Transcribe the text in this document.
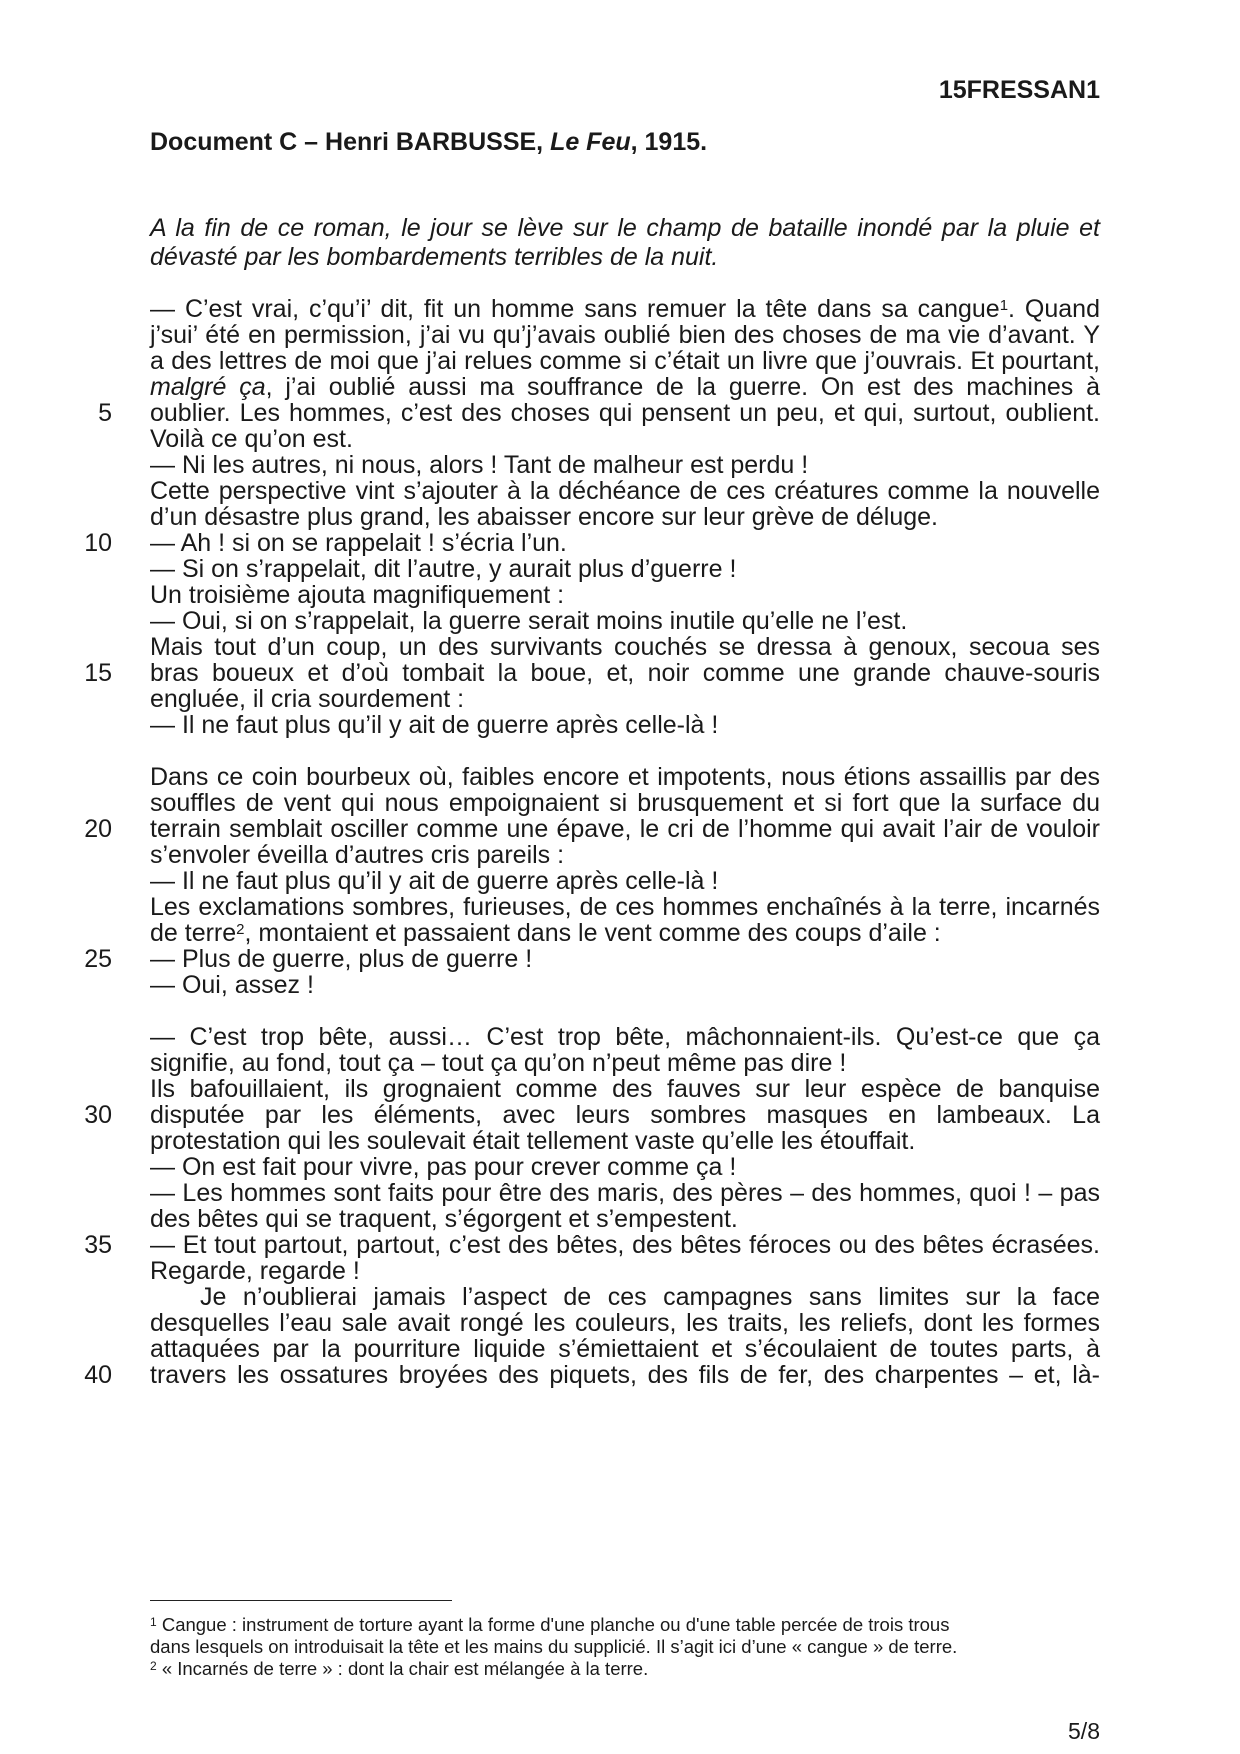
15FRESSAN1
Document C – Henri BARBUSSE, Le Feu, 1915.
A la fin de ce roman, le jour se lève sur le champ de bataille inondé par la pluie et dévasté par les bombardements terribles de la nuit.
— C’est vrai, c’qu’i’ dit, fit un homme sans remuer la tête dans sa cangue$^1$. Quand
j’sui’ été en permission, j’ai vu qu’j’avais oublié bien des choses de ma vie d’avant. Y
a des lettres de moi que j’ai relues comme si c’était un livre que j’ouvrais. Et pourtant,
malgré ça, j’ai oublié aussi ma souffrance de la guerre. On est des machines à
oublier. Les hommes, c’est des choses qui pensent un peu, et qui, surtout, oublient.
Voilà ce qu’on est.
— Ni les autres, ni nous, alors ! Tant de malheur est perdu !
Cette perspective vint s’ajouter à la déchéance de ces créatures comme la nouvelle
d’un désastre plus grand, les abaisser encore sur leur grève de déluge.
— Ah ! si on se rappelait ! s’écria l’un.
— Si on s’rappelait, dit l’autre, y aurait plus d’guerre !
Un troisième ajouta magnifiquement :
— Oui, si on s’rappelait, la guerre serait moins inutile qu’elle ne l’est.
Mais tout d’un coup, un des survivants couchés se dressa à genoux, secoua ses
bras boueux et d’où tombait la boue, et, noir comme une grande chauve-souris
engluée, il cria sourdement :
— Il ne faut plus qu’il y ait de guerre après celle-là !
Dans ce coin bourbeux où, faibles encore et impotents, nous étions assaillis par des
souffles de vent qui nous empoignaient si brusquement et si fort que la surface du
terrain semblait osciller comme une épave, le cri de l’homme qui avait l’air de vouloir
s’envoler éveilla d’autres cris pareils :
— Il ne faut plus qu’il y ait de guerre après celle-là !
Les exclamations sombres, furieuses, de ces hommes enchaînés à la terre, incarnés
de terre$^2$, montaient et passaient dans le vent comme des coups d’aile :
— Plus de guerre, plus de guerre !
— Oui, assez !
— C’est trop bête, aussi… C’est trop bête, mâchonnaient-ils. Qu’est-ce que ça
signifie, au fond, tout ça – tout ça qu’on n’peut même pas dire !
Ils bafouillaient, ils grognaient comme des fauves sur leur espèce de banquise
disputée par les éléments, avec leurs sombres masques en lambeaux. La
protestation qui les soulevait était tellement vaste qu’elle les étouffait.
— On est fait pour vivre, pas pour crever comme ça !
— Les hommes sont faits pour être des maris, des pères – des hommes, quoi ! – pas
des bêtes qui se traquent, s’égorgent et s’empestent.
— Et tout partout, partout, c’est des bêtes, des bêtes féroces ou des bêtes écrasées.
Regarde, regarde !
Je n’oublierai jamais l’aspect de ces campagnes sans limites sur la face
desquelles l’eau sale avait rongé les couleurs, les traits, les reliefs, dont les formes
attaquées par la pourriture liquide s’émiettaient et s’écoulaient de toutes parts, à
travers les ossatures broyées des piquets, des fils de fer, des charpentes – et, là-
5
10
15
20
25
30
35
40
$^1$ Cangue : instrument de torture ayant la forme d'une planche ou d'une table percée de trois trous
dans lesquels on introduisait la tête et les mains du supplicié. Il s’agit ici d’une « cangue » de terre.
$^2$ « Incarnés de terre » : dont la chair est mélangée à la terre.
5/8
